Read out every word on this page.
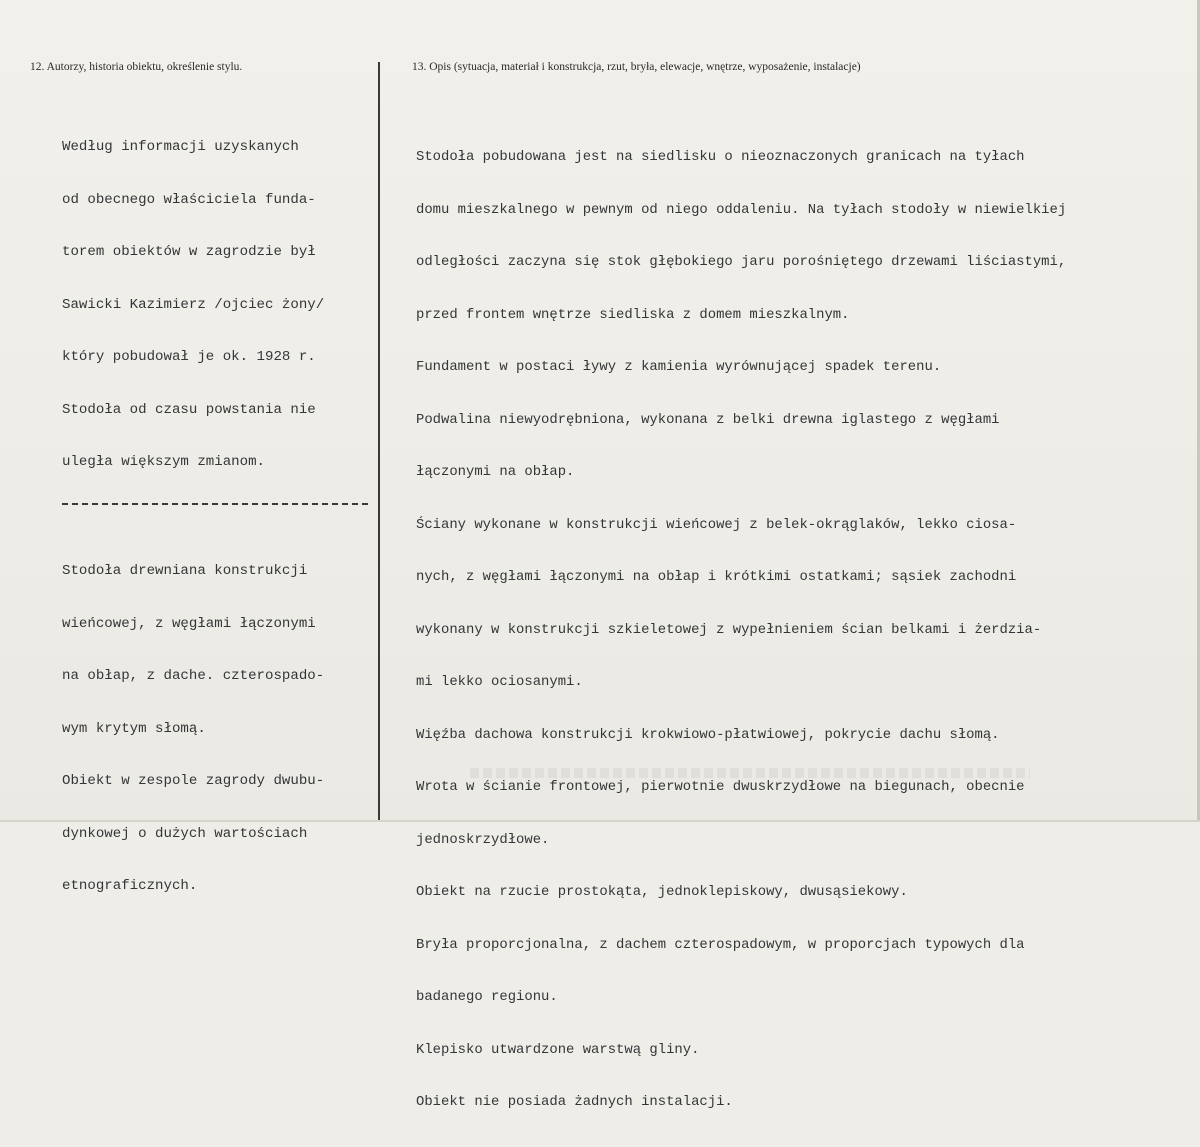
12. Autorzy, historia obiektu, określenie stylu.	13. Opis (sytuacja, materiał i konstrukcja, rzut, bryła, elewacje, wnętrze, wyposażenie, instalacje)

Według informacji uzyskanych

od obecnego właściciela funda-

torem obiektów w zagrodzie był

Sawicki Kazimierz /ojciec żony/

który pobudował je ok. 1928 r.

Stodoła od czasu powstania nie

uległa większym zmianom.

Stodoła drewniana konstrukcji

wieńcowej, z węgłami łączonymi

na obłap, z dache. czterospado-

wym krytym słomą.

Obiekt w zespole zagrody dwubu-

dynkowej o dużych wartościach

etnograficznych.

Stodoła pobudowana jest na siedlisku o nieoznaczonych granicach na tyłach

domu mieszkalnego w pewnym od niego oddaleniu. Na tyłach stodoły w niewielkiej

odległości zaczyna się stok głębokiego jaru porośniętego drzewami liściastymi,

przed frontem wnętrze siedliska z domem mieszkalnym.

Fundament w postaci ływy z kamienia wyrównującej spadek terenu.

Podwalina niewyodrębniona, wykonana z belki drewna iglastego z węgłami

łączonymi na obłap.

Ściany wykonane w konstrukcji wieńcowej z belek-okrąglaków, lekko ciosa-

nych, z węgłami łączonymi na obłap i krótkimi ostatkami; sąsiek zachodni

wykonany w konstrukcji szkieletowej z wypełnieniem ścian belkami i żerdzia-

mi lekko ociosanymi.

Więźba dachowa konstrukcji krokwiowo-płatwiowej, pokrycie dachu słomą.

Wrota w ścianie frontowej, pierwotnie dwuskrzydłowe na biegunach, obecnie

jednoskrzydłowe.

Obiekt na rzucie prostokąta, jednoklepiskowy, dwusąsiekowy.

Bryła proporcjonalna, z dachem czterospadowym, w proporcjach typowych dla

badanego regionu.

Klepisko utwardzone warstwą gliny.

Obiekt nie posiada żadnych instalacji.
